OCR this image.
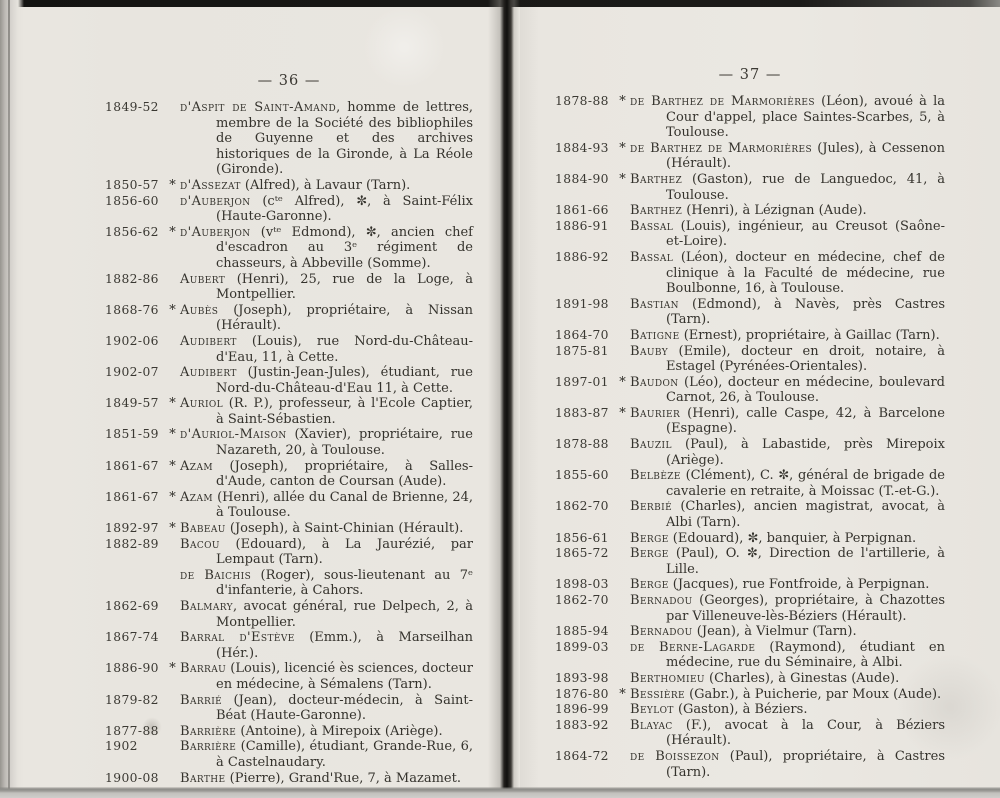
— 36 —
1849-52	d'Aspit de Saint-Amand, homme de lettres, membre de la Société des bibliophiles de Guyenne et des archives historiques de la Gironde, à La Réole (Gironde).
1850-57 * d'Assezat (Alfred), à Lavaur (Tarn).
1856-60	d'Auberjon (cᵗᵉ Alfred), ✼, à Saint-Félix (Haute-Garonne).
1856-62 * d'Auberjon (vᵗᵉ Edmond), ✼, ancien chef d'escadron au 3ᵉ régiment de chasseurs, à Abbeville (Somme).
1882-86	Aubert (Henri), 25, rue de la Loge, à Montpellier.
1868-76 * Aubès (Joseph), propriétaire, à Nissan (Hérault).
1902-06	Audibert (Louis), rue Nord-du-Château-d'Eau, 11, à Cette.
1902-07	Audibert (Justin-Jean-Jules), étudiant, rue Nord-du-Château-d'Eau 11, à Cette.
1849-57 * Auriol (R. P.), professeur, à l'Ecole Captier, à Saint-Sébastien.
1851-59 * d'Auriol-Maison (Xavier), propriétaire, rue Nazareth, 20, à Toulouse.
1861-67 * Azam (Joseph), propriétaire, à Salles-d'Aude, canton de Coursan (Aude).
1861-67 * Azam (Henri), allée du Canal de Brienne, 24, à Toulouse.
1892-97 * Babeau (Joseph), à Saint-Chinian (Hérault).
1882-89	Bacou (Edouard), à La Jaurézié, par Lempaut (Tarn).
de Baichis (Roger), sous-lieutenant au 7ᵉ d'infanterie, à Cahors.
1862-69	Balmary, avocat général, rue Delpech, 2, à Montpellier.
1867-74	Barral d'Estève (Emm.), à Marseilhan (Hér.).
1886-90 * Barrau (Louis), licencié ès sciences, docteur en médecine, à Sémalens (Tarn).
1879-82	Barrié (Jean), docteur-médecin, à Saint-Béat (Haute-Garonne).
1877-88	Barrière (Antoine), à Mirepoix (Ariège).
1902	Barrière (Camille), étudiant, Grande-Rue, 6, à Castelnaudary.
1900-08	Barthe (Pierre), Grand'Rue, 7, à Mazamet.
— 37 —
1878-88 * de Barthez de Marmorières (Léon), avoué à la Cour d'appel, place Saintes-Scarbes, 5, à Toulouse.
1884-93 * de Barthez de Marmorières (Jules), à Cessenon (Hérault).
1884-90 * Barthez (Gaston), rue de Languedoc, 41, à Toulouse.
1861-66	Barthez (Henri), à Lézignan (Aude).
1886-91	Bassal (Louis), ingénieur, au Creusot (Saône-et-Loire).
1886-92	Bassal (Léon), docteur en médecine, chef de clinique à la Faculté de médecine, rue Boulbonne, 16, à Toulouse.
1891-98	Bastian (Edmond), à Navès, près Castres (Tarn).
1864-70	Batigne (Ernest), propriétaire, à Gaillac (Tarn).
1875-81	Bauby (Emile), docteur en droit, notaire, à Estagel (Pyrénées-Orientales).
1897-01 * Baudon (Léo), docteur en médecine, boulevard Carnot, 26, à Toulouse.
1883-87 * Baurier (Henri), calle Caspe, 42, à Barcelone (Espagne).
1878-88	Bauzil (Paul), à Labastide, près Mirepoix (Ariège).
1855-60	Belbèze (Clément), C. ✼, général de brigade de cavalerie en retraite, à Moissac (T.-et-G.).
1862-70	Berbié (Charles), ancien magistrat, avocat, à Albi (Tarn).
1856-61	Berge (Edouard), ✼, banquier, à Perpignan.
1865-72	Berge (Paul), O. ✼, Direction de l'artillerie, à Lille.
1898-03	Berge (Jacques), rue Fontfroide, à Perpignan.
1862-70	Bernadou (Georges), propriétaire, à Chazottes par Villeneuve-lès-Béziers (Hérault).
1885-94	Bernadou (Jean), à Vielmur (Tarn).
1899-03	de Berne-Lagarde (Raymond), étudiant en médecine, rue du Séminaire, à Albi.
1893-98	Berthomieu (Charles), à Ginestas (Aude).
1876-80 * Bessière (Gabr.), à Puicherie, par Moux (Aude).
1896-99	Beylot (Gaston), à Béziers.
1883-92	Blayac (F.), avocat à la Cour, à Béziers (Hérault).
1864-72	de Boissezon (Paul), propriétaire, à Castres (Tarn).
